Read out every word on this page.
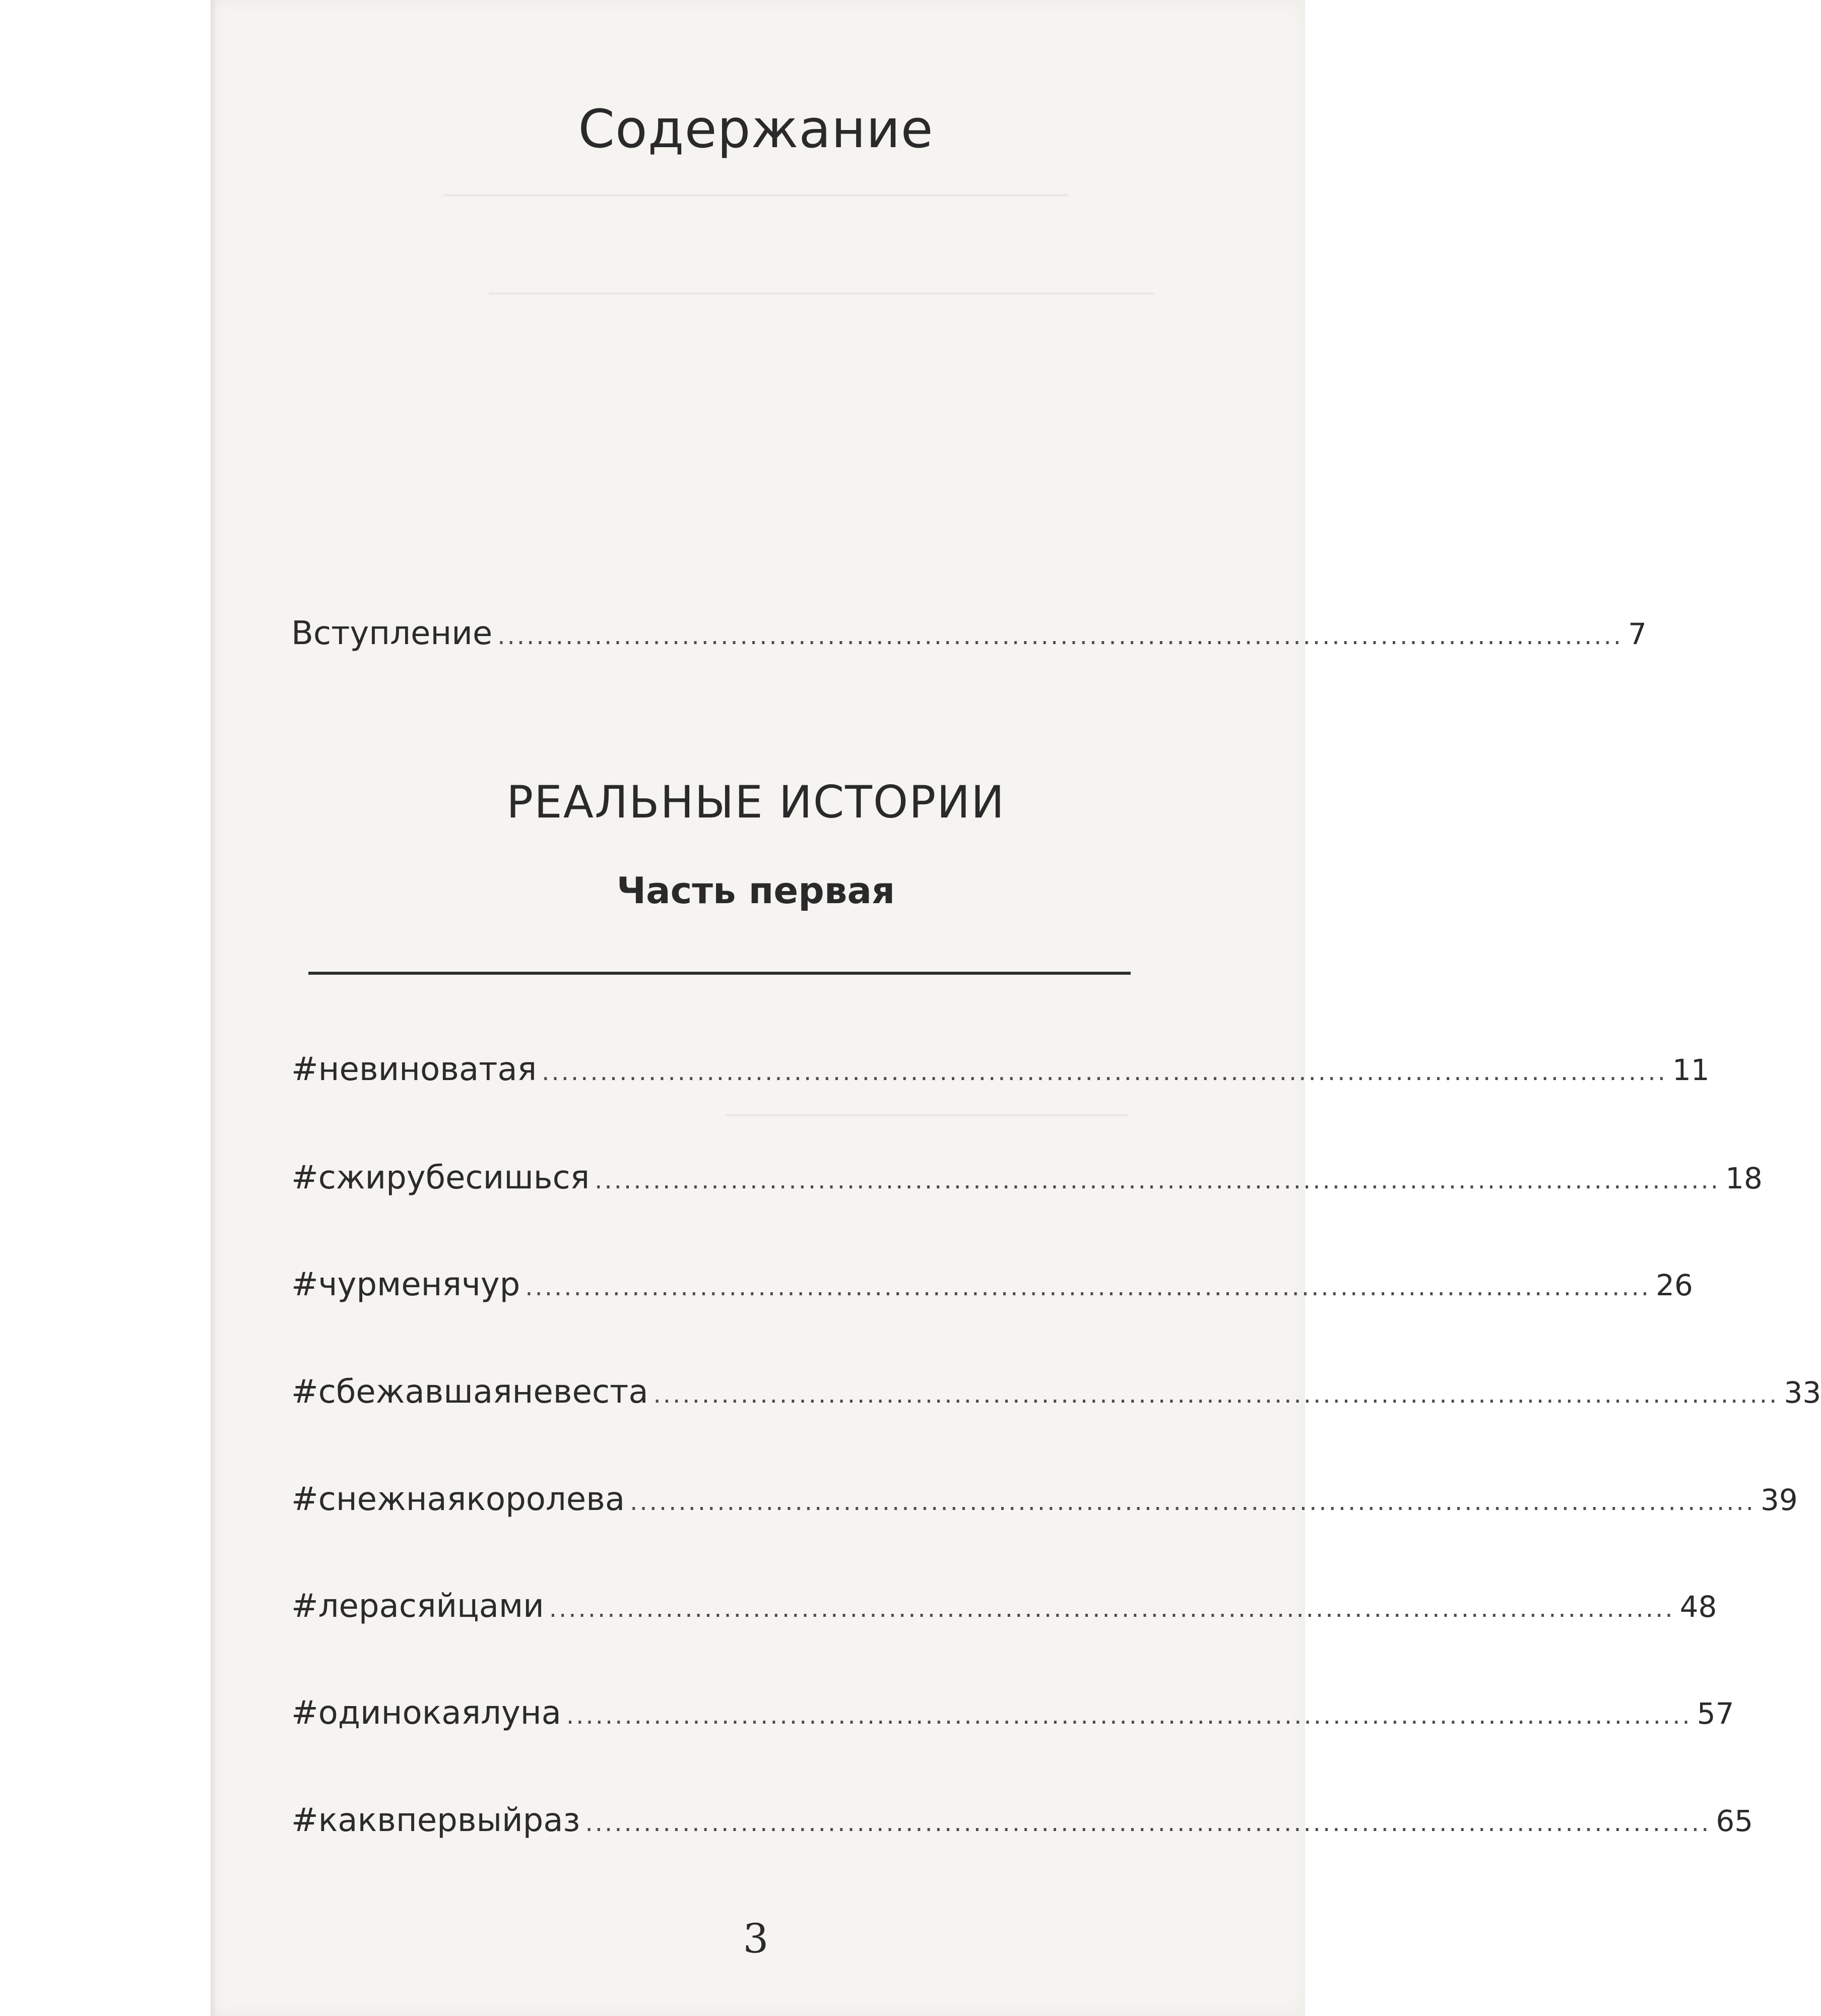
Содержание
Вступление .................................................................................................................... 7
РЕАЛЬНЫЕ ИСТОРИИ
Часть первая
#невиноватая .................................................................................................................... 11
#сжирубесишься .................................................................................................................... 18
#чурменячур .................................................................................................................... 26
#сбежавшаяневеста .................................................................................................................... 33
#снежнаякоролева .................................................................................................................... 39
#лерасяйцами .................................................................................................................... 48
#одинокаялуна .................................................................................................................... 57
#каквпервыйраз .................................................................................................................... 65
3
